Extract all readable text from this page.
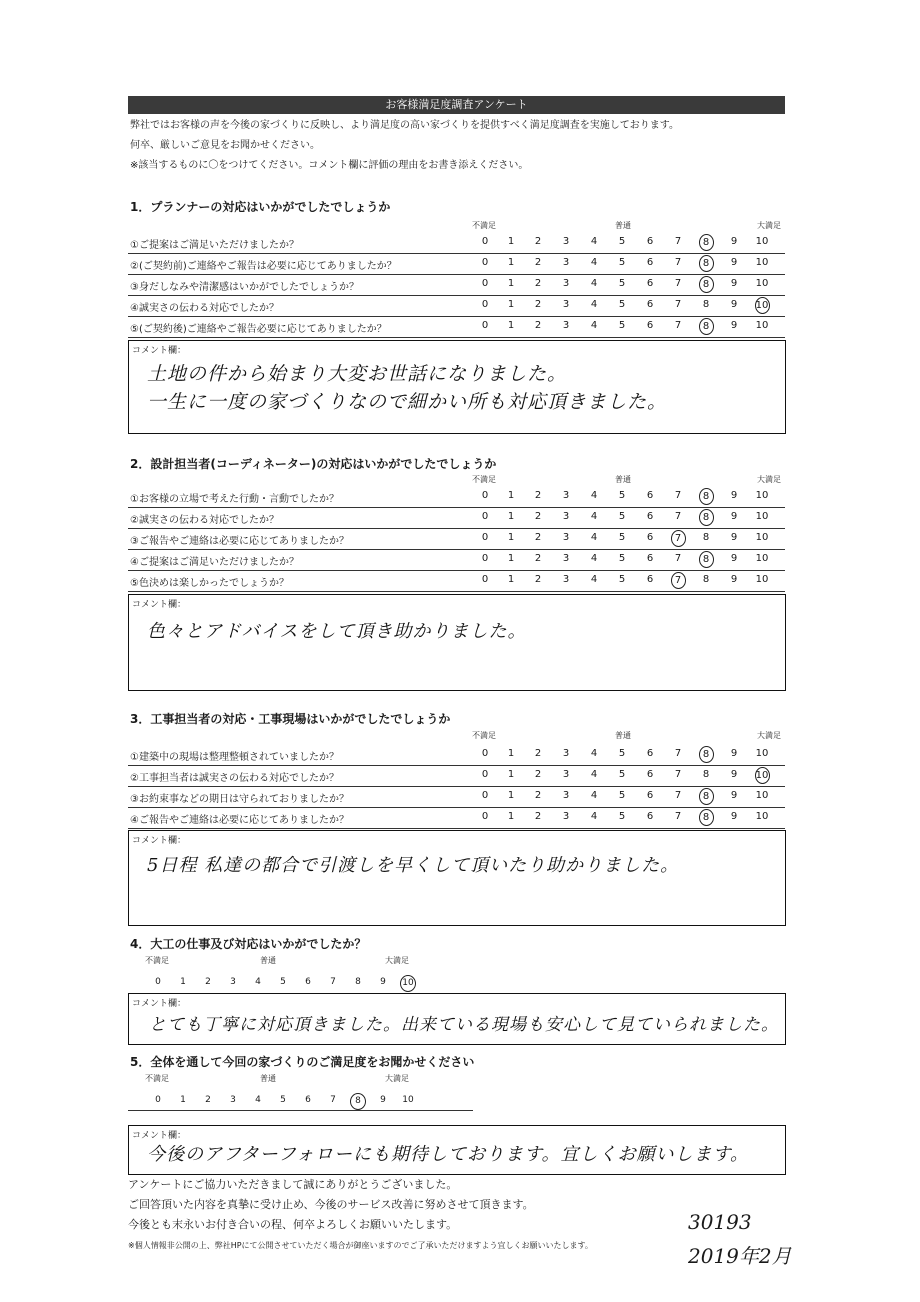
お客様満足度調査アンケート
弊社ではお客様の声を今後の家づくりに反映し、より満足度の高い家づくりを提供すべく満足度調査を実施しております。
何卒、厳しいご意見をお聞かせください。
※該当するものに〇をつけてください。コメント欄に評価の理由をお書き添えください。
1．プランナーの対応はいかがでしたでしょうか
不満足	普通	大満足
①ご提案はご満足いただけましたか？	0	1	2	3	4	5	6	7	8	9	10
②(ご契約前)ご連絡やご報告は必要に応じてありましたか？	0	1	2	3	4	5	6	7	8	9	10
③身だしなみや清潔感はいかがでしたでしょうか？	0	1	2	3	4	5	6	7	8	9	10
④誠実さの伝わる対応でしたか？	0	1	2	3	4	5	6	7	8	9	10
⑤(ご契約後)ご連絡やご報告必要に応じてありましたか？	0	1	2	3	4	5	6	7	8	9	10
コメント欄：
土地の件から始まり大変お世話になりました。
一生に一度の家づくりなので細かい所も対応頂きました。
2．設計担当者(コーディネーター)の対応はいかがでしたでしょうか
不満足	普通	大満足
①お客様の立場で考えた行動・言動でしたか？	0	1	2	3	4	5	6	7	8	9	10
②誠実さの伝わる対応でしたか？	0	1	2	3	4	5	6	7	8	9	10
③ご報告やご連絡は必要に応じてありましたか？	0	1	2	3	4	5	6	7	8	9	10
④ご提案はご満足いただけましたか？	0	1	2	3	4	5	6	7	8	9	10
⑤色決めは楽しかったでしょうか？	0	1	2	3	4	5	6	7	8	9	10
コメント欄：
色々とアドバイスをして頂き助かりました。
3．工事担当者の対応・工事現場はいかがでしたでしょうか
不満足	普通	大満足
①建築中の現場は整理整頓されていましたか？	0	1	2	3	4	5	6	7	8	9	10
②工事担当者は誠実さの伝わる対応でしたか？	0	1	2	3	4	5	6	7	8	9	10
③お約束事などの期日は守られておりましたか？	0	1	2	3	4	5	6	7	8	9	10
④ご報告やご連絡は必要に応じてありましたか？	0	1	2	3	4	5	6	7	8	9	10
コメント欄：
5日程 私達の都合で引渡しを早くして頂いたり助かりました。
4．大工の仕事及び対応はいかがでしたか？
不満足	普通	大満足
0	1	2	3	4	5	6	7	8	9	10
コメント欄：
とても丁寧に対応頂きました。出来ている現場も安心して見ていられました。
5．全体を通して今回の家づくりのご満足度をお聞かせください
不満足	普通	大満足
0	1	2	3	4	5	6	7	8	9	10
コメント欄：
今後のアフターフォローにも期待しております。宜しくお願いします。
アンケートにご協力いただきまして誠にありがとうございました。
ご回答頂いた内容を真摯に受け止め、今後のサービス改善に努めさせて頂きます。
今後とも末永いお付き合いの程、何卒よろしくお願いいたします。
※個人情報非公開の上、弊社HPにて公開させていただく場合が御座いますのでご了承いただけますよう宜しくお願いいたします。
30193
2019年2月
